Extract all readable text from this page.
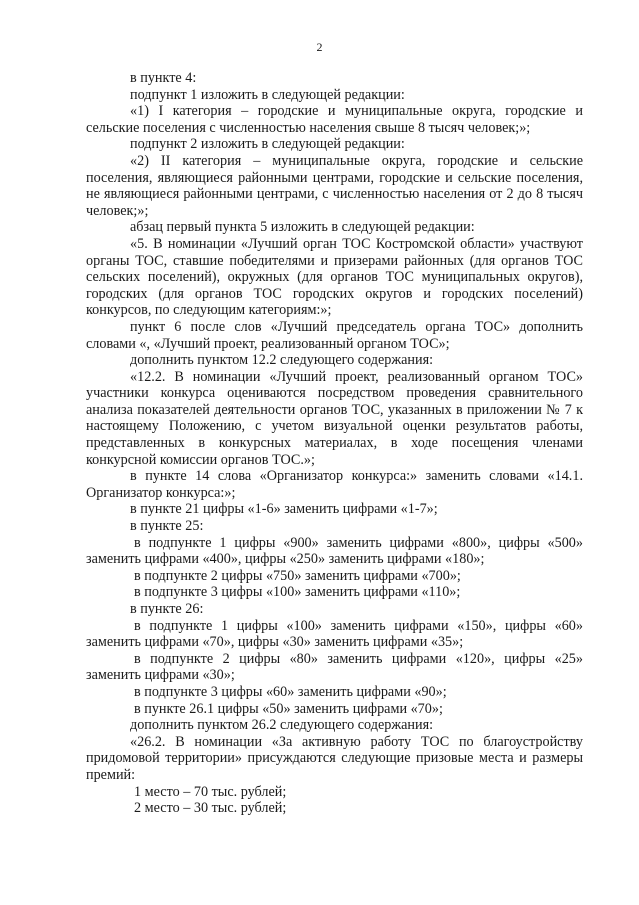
2

в пункте 4:

подпункт 1 изложить в следующей редакции:

«1) I категория – городские и муниципальные округа, городские и сельские поселения с численностью населения свыше 8 тысяч человек;»;

подпункт 2 изложить в следующей редакции:

«2) II категория – муниципальные округа, городские и сельские поселения, являющиеся районными центрами, городские и сельские поселения, не являющиеся районными центрами, с численностью населения от 2 до 8 тысяч человек;»;

абзац первый пункта 5 изложить в следующей редакции:

«5. В номинации «Лучший орган ТОС Костромской области» участвуют органы ТОС, ставшие победителями и призерами районных (для органов ТОС сельских поселений), окружных (для органов ТОС муниципальных округов), городских (для органов ТОС городских округов и городских поселений) конкурсов, по следующим категориям:»;

пункт 6 после слов «Лучший председатель органа ТОС» дополнить словами «, «Лучший проект, реализованный органом ТОС»;

дополнить пунктом 12.2 следующего содержания:

«12.2. В номинации «Лучший проект, реализованный органом ТОС» участники конкурса оцениваются посредством проведения сравнительного анализа показателей деятельности органов ТОС, указанных в приложении № 7 к настоящему Положению, с учетом визуальной оценки результатов работы, представленных в конкурсных материалах, в ходе посещения членами конкурсной комиссии органов ТОС.»;

в пункте 14 слова «Организатор конкурса:» заменить словами «14.1. Организатор конкурса:»;

в пункте 21 цифры «1-6» заменить цифрами «1-7»;

в пункте 25:

в подпункте 1 цифры «900» заменить цифрами «800», цифры «500» заменить цифрами «400», цифры «250» заменить цифрами «180»;

в подпункте 2 цифры «750» заменить цифрами «700»;

в подпункте 3 цифры «100» заменить цифрами «110»;

в пункте 26:

в подпункте 1 цифры «100» заменить цифрами «150», цифры «60» заменить цифрами «70», цифры «30» заменить цифрами «35»;

в подпункте 2 цифры «80» заменить цифрами «120», цифры «25» заменить цифрами «30»;

в подпункте 3 цифры «60» заменить цифрами «90»;

в пункте 26.1 цифры «50» заменить цифрами «70»;

дополнить пунктом 26.2 следующего содержания:

«26.2. В номинации «За активную работу ТОС по благоустройству придомовой территории» присуждаются следующие призовые места и размеры премий:

1 место – 70 тыс. рублей;

2 место – 30 тыс. рублей;
